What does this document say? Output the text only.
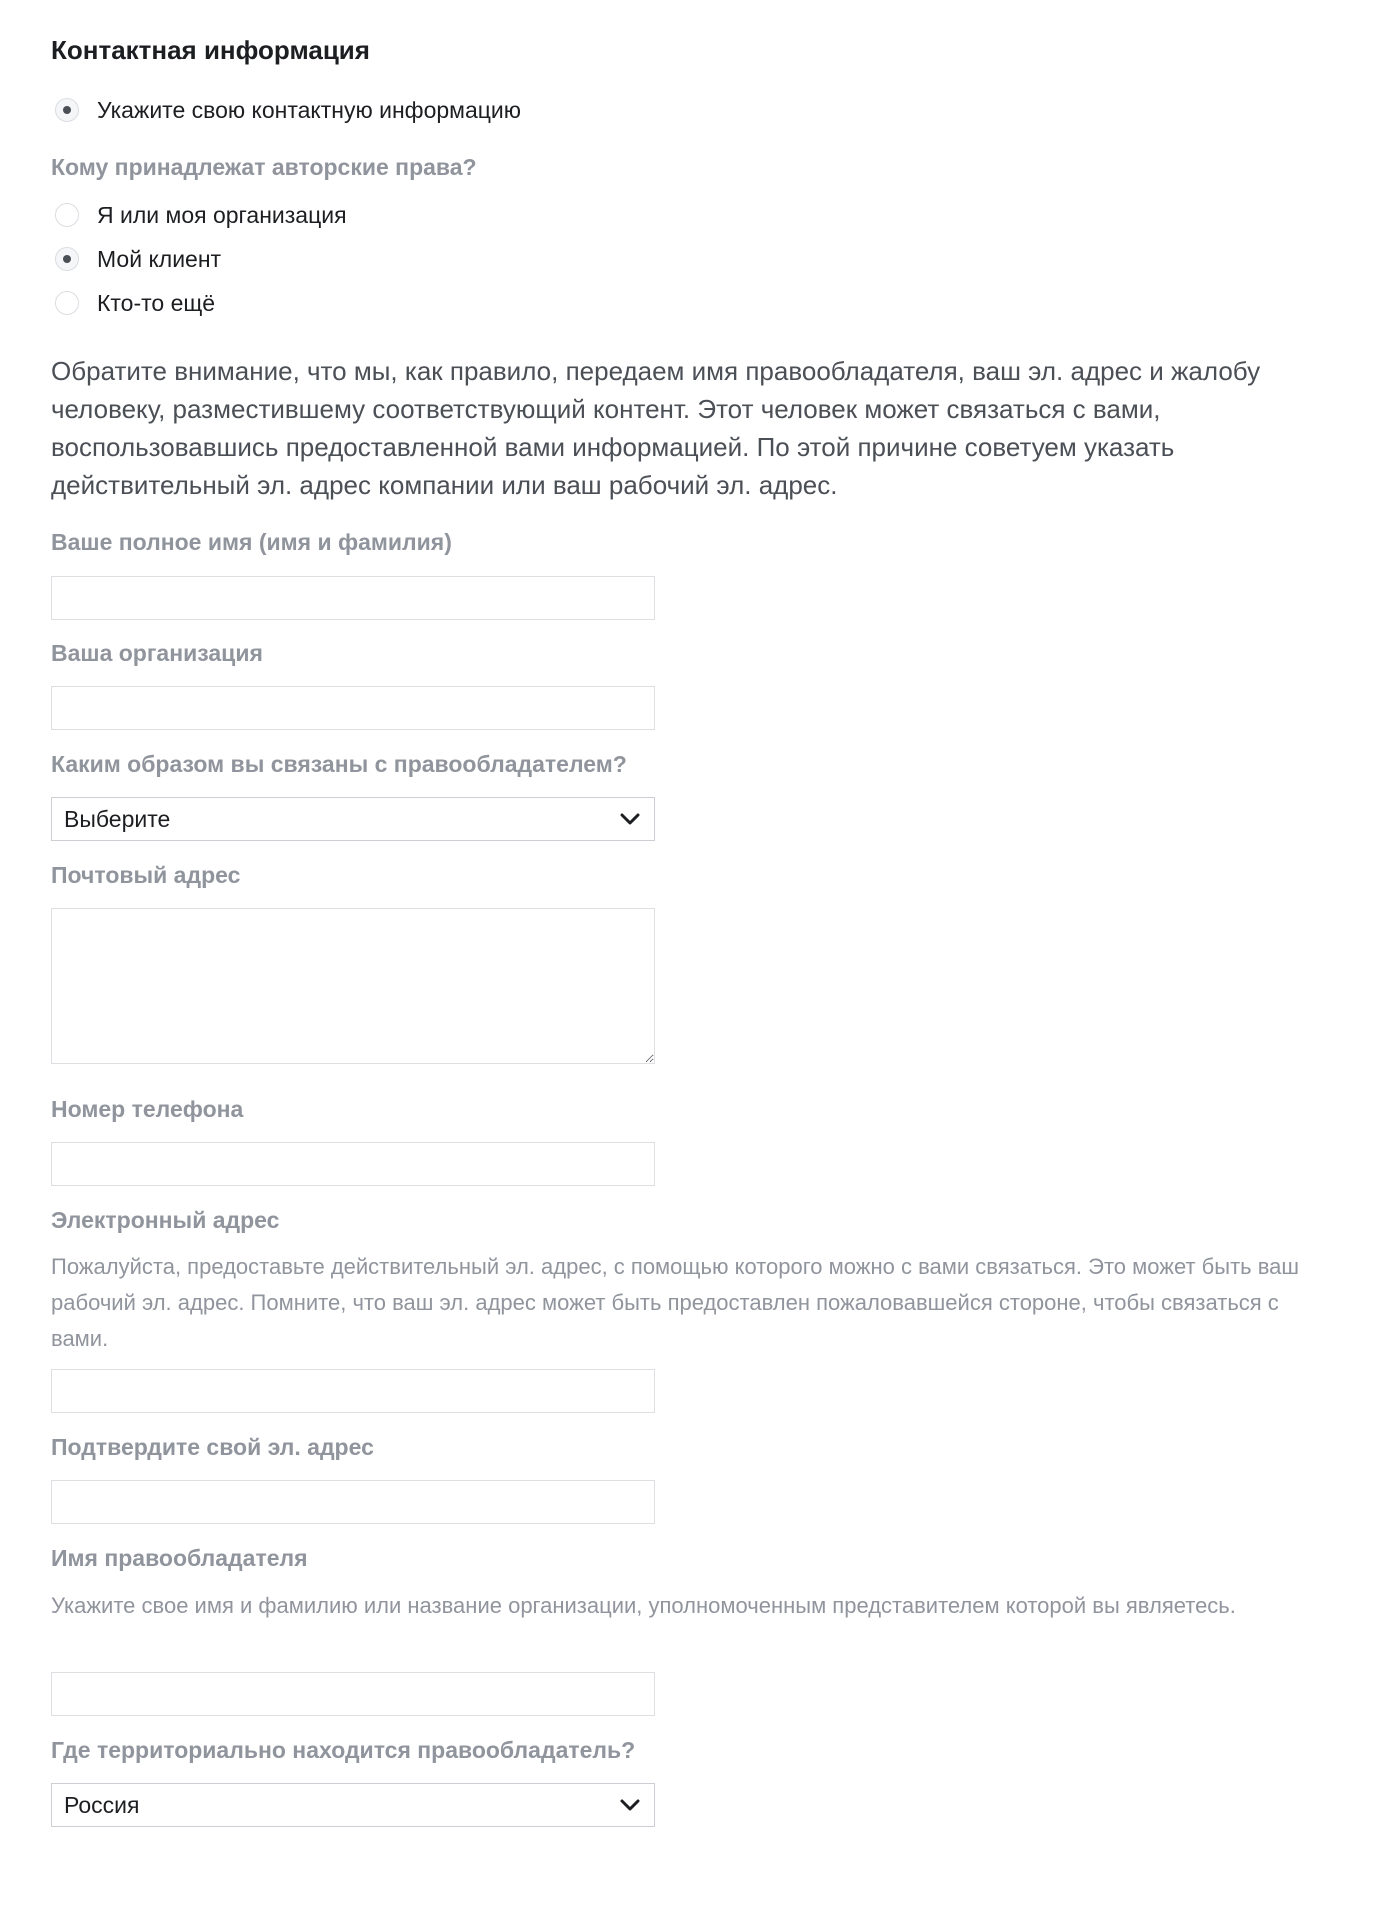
Контактная информация
Укажите свою контактную информацию
Кому принадлежат авторские права?
Я или моя организация
Мой клиент
Кто-то ещё
Обратите внимание, что мы, как правило, передаем имя правообладателя, ваш эл. адрес и жалобу человеку, разместившему соответствующий контент. Этот человек может связаться с вами, воспользовавшись предоставленной вами информацией. По этой причине советуем указать действительный эл. адрес компании или ваш рабочий эл. адрес.
Ваше полное имя (имя и фамилия)
Ваша организация
Каким образом вы связаны с правообладателем?
Выберите
Почтовый адрес
Номер телефона
Электронный адрес
Пожалуйста, предоставьте действительный эл. адрес, с помощью которого можно с вами связаться. Это может быть ваш рабочий эл. адрес. Помните, что ваш эл. адрес может быть предоставлен пожаловавшейся стороне, чтобы связаться с вами.
Подтвердите свой эл. адрес
Имя правообладателя
Укажите свое имя и фамилию или название организации, уполномоченным представителем которой вы являетесь.
Где территориально находится правообладатель?
Россия
